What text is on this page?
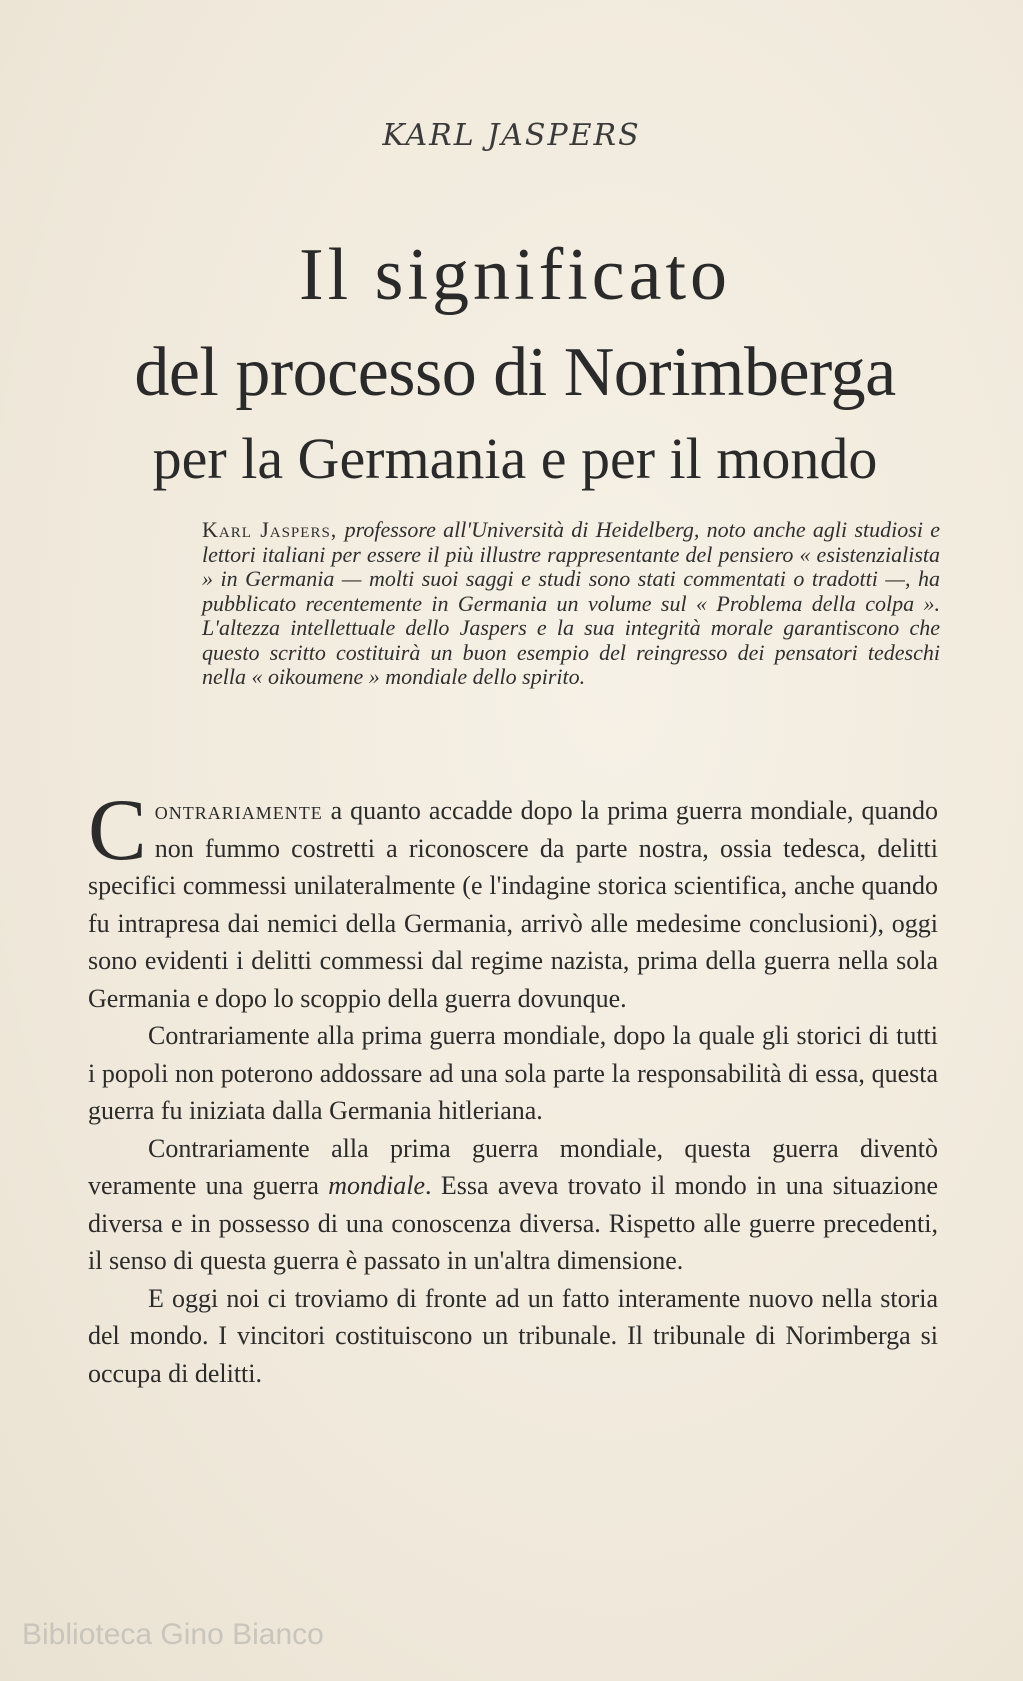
KARL JASPERS
Il significato
del processo di Norimberga
per la Germania e per il mondo
Karl Jaspers, professore all'Università di Heidelberg, noto anche agli studiosi e lettori italiani per essere il più illustre rappresentante del pensiero « esistenzialista » in Germania — molti suoi saggi e studi sono stati commentati o tradotti —, ha pubblicato recentemente in Germania un volume sul « Problema della colpa ». L'altezza intellettuale dello Jaspers e la sua integrità morale garantiscono che questo scritto costituirà un buon esempio del reingresso dei pensatori tedeschi nella « oikoumene » mondiale dello spirito.

Contrariamente a quanto accadde dopo la prima guerra mondiale, quando non fummo costretti a riconoscere da parte nostra, ossia tedesca, delitti specifici commessi unilateralmente (e l'indagine storica scientifica, anche quando fu intrapresa dai nemici della Germania, arrivò alle medesime conclusioni), oggi sono evidenti i delitti commessi dal regime nazista, prima della guerra nella sola Germania e dopo lo scoppio della guerra dovunque.

Contrariamente alla prima guerra mondiale, dopo la quale gli storici di tutti i popoli non poterono addossare ad una sola parte la responsabilità di essa, questa guerra fu iniziata dalla Germania hitleriana.

Contrariamente alla prima guerra mondiale, questa guerra diventò veramente una guerra mondiale. Essa aveva trovato il mondo in una situazione diversa e in possesso di una conoscenza diversa. Rispetto alle guerre precedenti, il senso di questa guerra è passato in un'altra dimensione.

E oggi noi ci troviamo di fronte ad un fatto interamente nuovo nella storia del mondo. I vincitori costituiscono un tribunale. Il tribunale di Norimberga si occupa di delitti.

Biblioteca Gino Bianco
